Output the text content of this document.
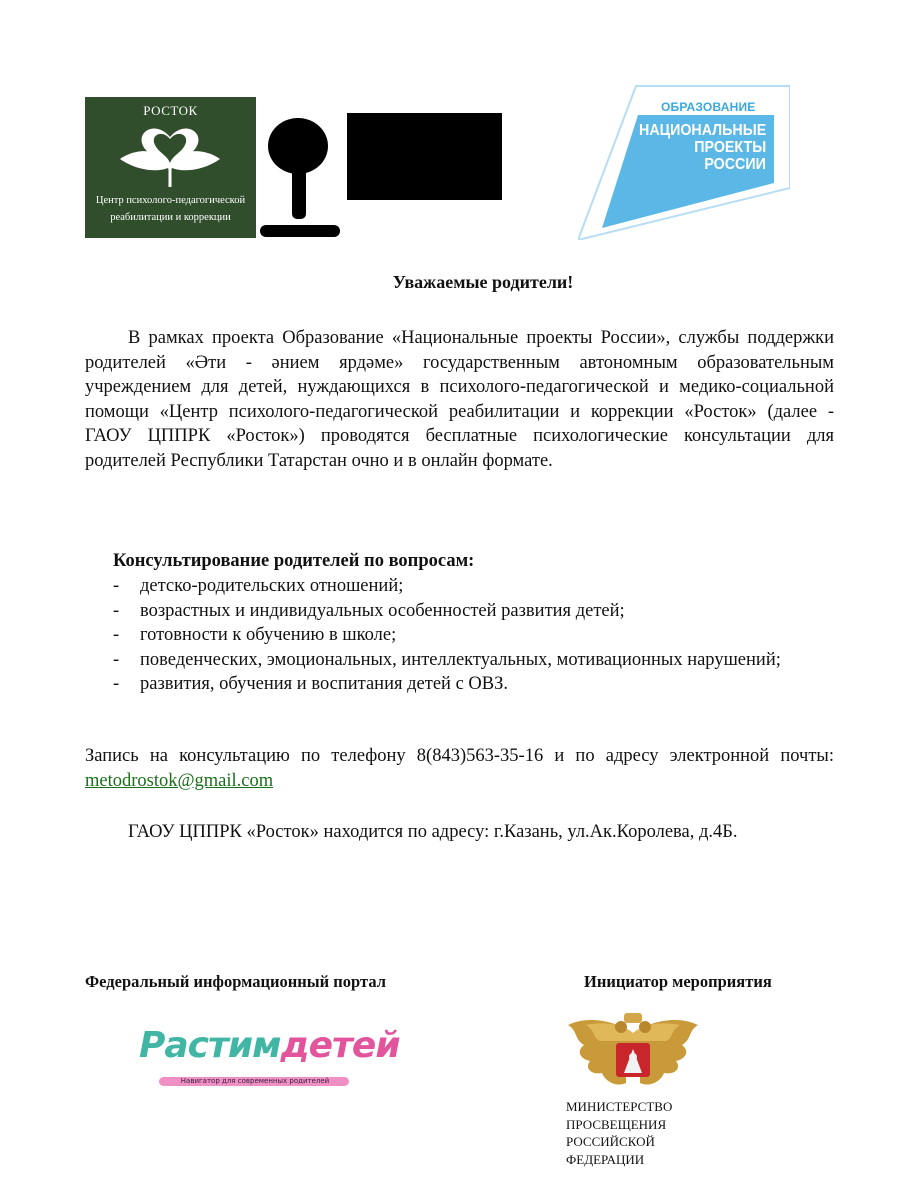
РОСТОК
Центр психолого-педагогической
реабилитации и коррекции
ОБРАЗОВАНИЕ
НАЦИОНАЛЬНЫЕ
ПРОЕКТЫ
РОССИИ
Уважаемые родители!
В рамках проекта Образование «Национальные проекты России», службы поддержки родителей «Әти - әнием ярдәме» государственным автономным образовательным учреждением для детей, нуждающихся в психолого-педагогической и медико-социальной помощи «Центр психолого-педагогической реабилитации и коррекции «Росток» (далее - ГАОУ ЦППРК «Росток») проводятся бесплатные психологические консультации для родителей Республики Татарстан очно и в онлайн формате.
Консультирование родителей по вопросам:
- детско-родительских отношений;
- возрастных и индивидуальных особенностей развития детей;
- готовности к обучению в школе;
- поведенческих, эмоциональных, интеллектуальных, мотивационных нарушений;
- развития, обучения и воспитания детей с ОВЗ.
Запись на консультацию по телефону 8(843)563-35-16 и по адресу электронной почты: metodrostok@gmail.com
ГАОУ ЦППРК «Росток» находится по адресу: г.Казань, ул.Ак.Королева, д.4Б.
Федеральный информационный портал	Инициатор мероприятия
Растимдетей
Навигатор для современных родителей
МИНИСТЕРСТВО
ПРОСВЕЩЕНИЯ
РОССИЙСКОЙ
ФЕДЕРАЦИИ
